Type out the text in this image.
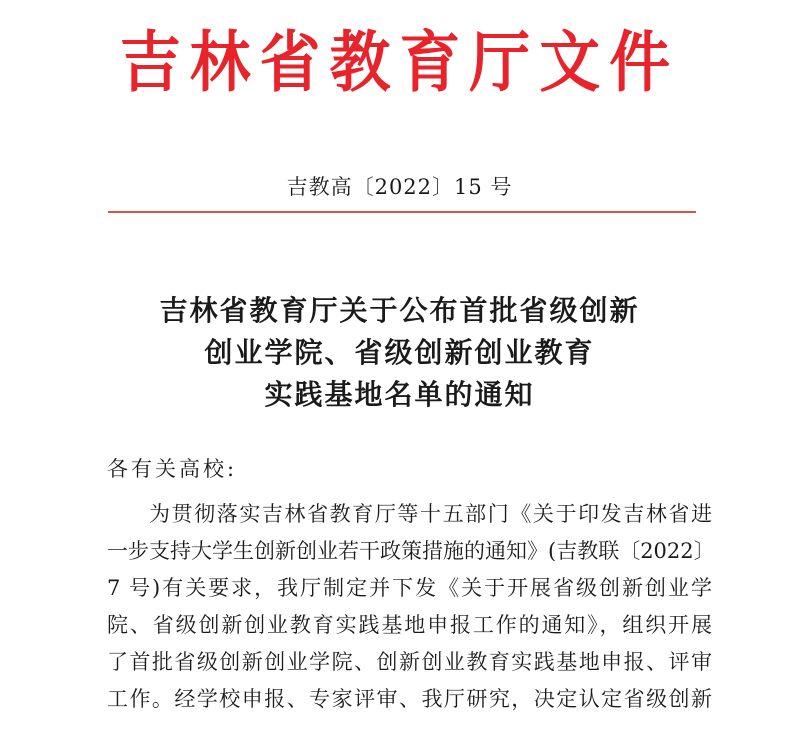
吉林省教育厅文件
吉教高〔2022〕15 号
吉林省教育厅关于公布首批省级创新
创业学院、省级创新创业教育
实践基地名单的通知
各有关高校:
为贯彻落实吉林省教育厅等十五部门《关于印发吉林省进
一步支持大学生创新创业若干政策措施的通知》(吉教联〔2022〕
7 号)有关要求，我厅制定并下发《关于开展省级创新创业学
院、省级创新创业教育实践基地申报工作的通知》，组织开展
了首批省级创新创业学院、创新创业教育实践基地申报、评审
工作。经学校申报、专家评审、我厅研究，决定认定省级创新
